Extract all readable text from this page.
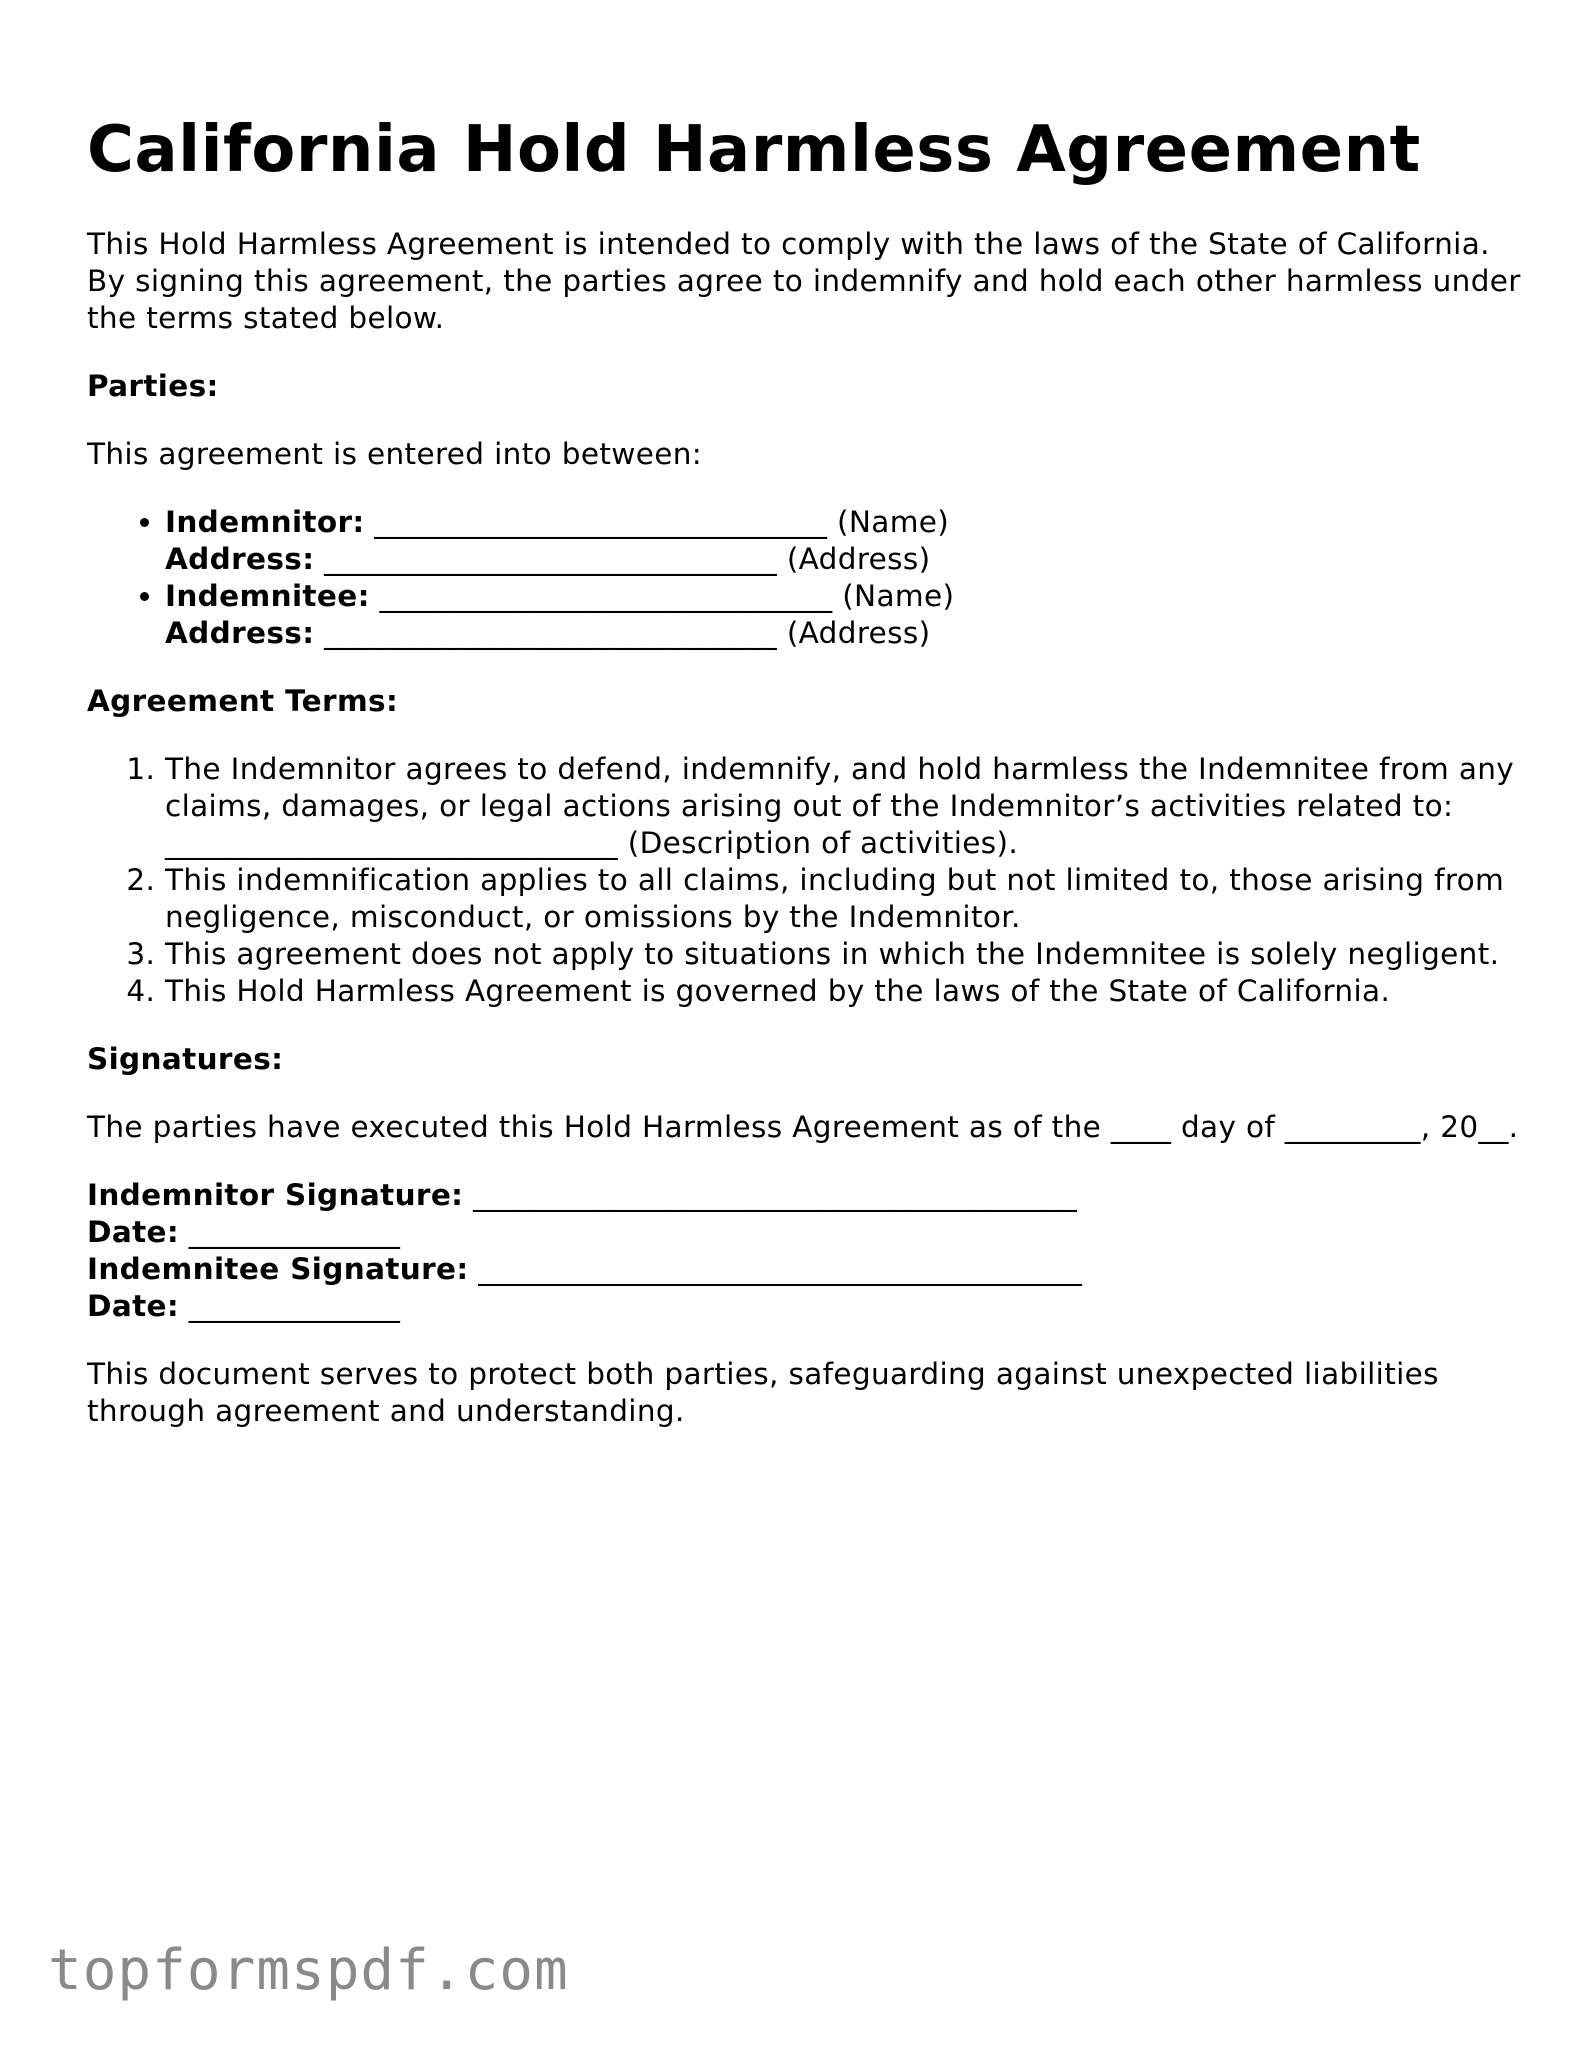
California Hold Harmless Agreement

This Hold Harmless Agreement is intended to comply with the laws of the State of California. By signing this agreement, the parties agree to indemnify and hold each other harmless under the terms stated below.

Parties:

This agreement is entered into between:

• Indemnitor: ______________________________ (Name)
Address: ______________________________ (Address)
• Indemnitee: ______________________________ (Name)
Address: ______________________________ (Address)

Agreement Terms:

1. The Indemnitor agrees to defend, indemnify, and hold harmless the Indemnitee from any claims, damages, or legal actions arising out of the Indemnitor’s activities related to: ______________________________ (Description of activities).
2. This indemnification applies to all claims, including but not limited to, those arising from negligence, misconduct, or omissions by the Indemnitor.
3. This agreement does not apply to situations in which the Indemnitee is solely negligent.
4. This Hold Harmless Agreement is governed by the laws of the State of California.

Signatures:

The parties have executed this Hold Harmless Agreement as of the ____ day of _________, 20__.

Indemnitor Signature: ________________________________________
Date: ______________
Indemnitee Signature: ________________________________________
Date: ______________

This document serves to protect both parties, safeguarding against unexpected liabilities through agreement and understanding.

topformspdf.com
